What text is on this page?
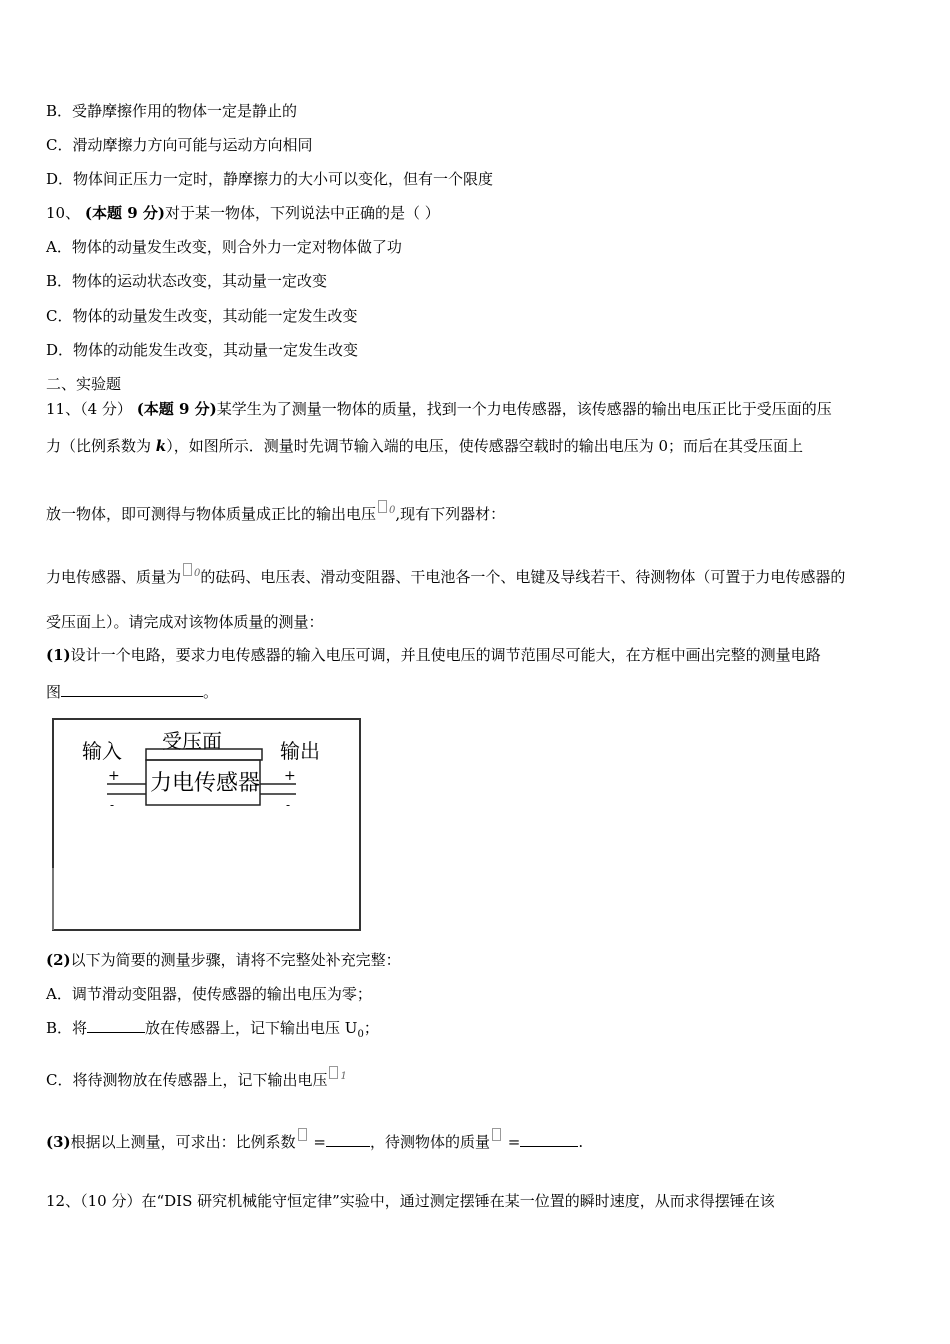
B．受静摩擦作用的物体一定是静止的
C．滑动摩擦力方向可能与运动方向相同
D．物体间正压力一定时，静摩擦力的大小可以变化，但有一个限度
10、 (本题 9 分)对于某一物体，下列说法中正确的是（ ）
A．物体的动量发生改变，则合外力一定对物体做了功
B．物体的运动状态改变，其动量一定改变
C．物体的动量发生改变，其动能一定发生改变
D．物体的动能发生改变，其动量一定发生改变
二、实验题
11、（4 分） (本题 9 分)某学生为了测量一物体的质量，找到一个力电传感器，该传感器的输出电压正比于受压面的压
力（比例系数为 k），如图所示．测量时先调节输入端的电压，使传感器空载时的输出电压为 0；而后在其受压面上
放一物体，即可测得与物体质量成正比的输出电压 $^0$,现有下列器材：
力电传感器、质量为 $^0$的砝码、电压表、滑动变阻器、干电池各一个、电键及导线若干、待测物体（可置于力电传感器的
受压面上）。请完成对该物体质量的测量：
(1)设计一个电路，要求力电传感器的输入电压可调，并且使电压的调节范围尽可能大，在方框中画出完整的测量电路
图	。
输入 受压面	输出
力电传感器
+
-
+
-
(2)以下为简要的测量步骤，请将不完整处补充完整：
A．调节滑动变阻器，使传感器的输出电压为零；
B．将	放在传感器上，记下输出电压 $U_0$；
C．将待测物放在传感器上，记下输出电压 $^1$
(3)根据以上测量，可求出：比例系数 =	，待测物体的质量 =	.
12、（10 分）在“DIS 研究机械能守恒定律”实验中，通过测定摆锤在某一位置的瞬时速度，从而求得摆锤在该
